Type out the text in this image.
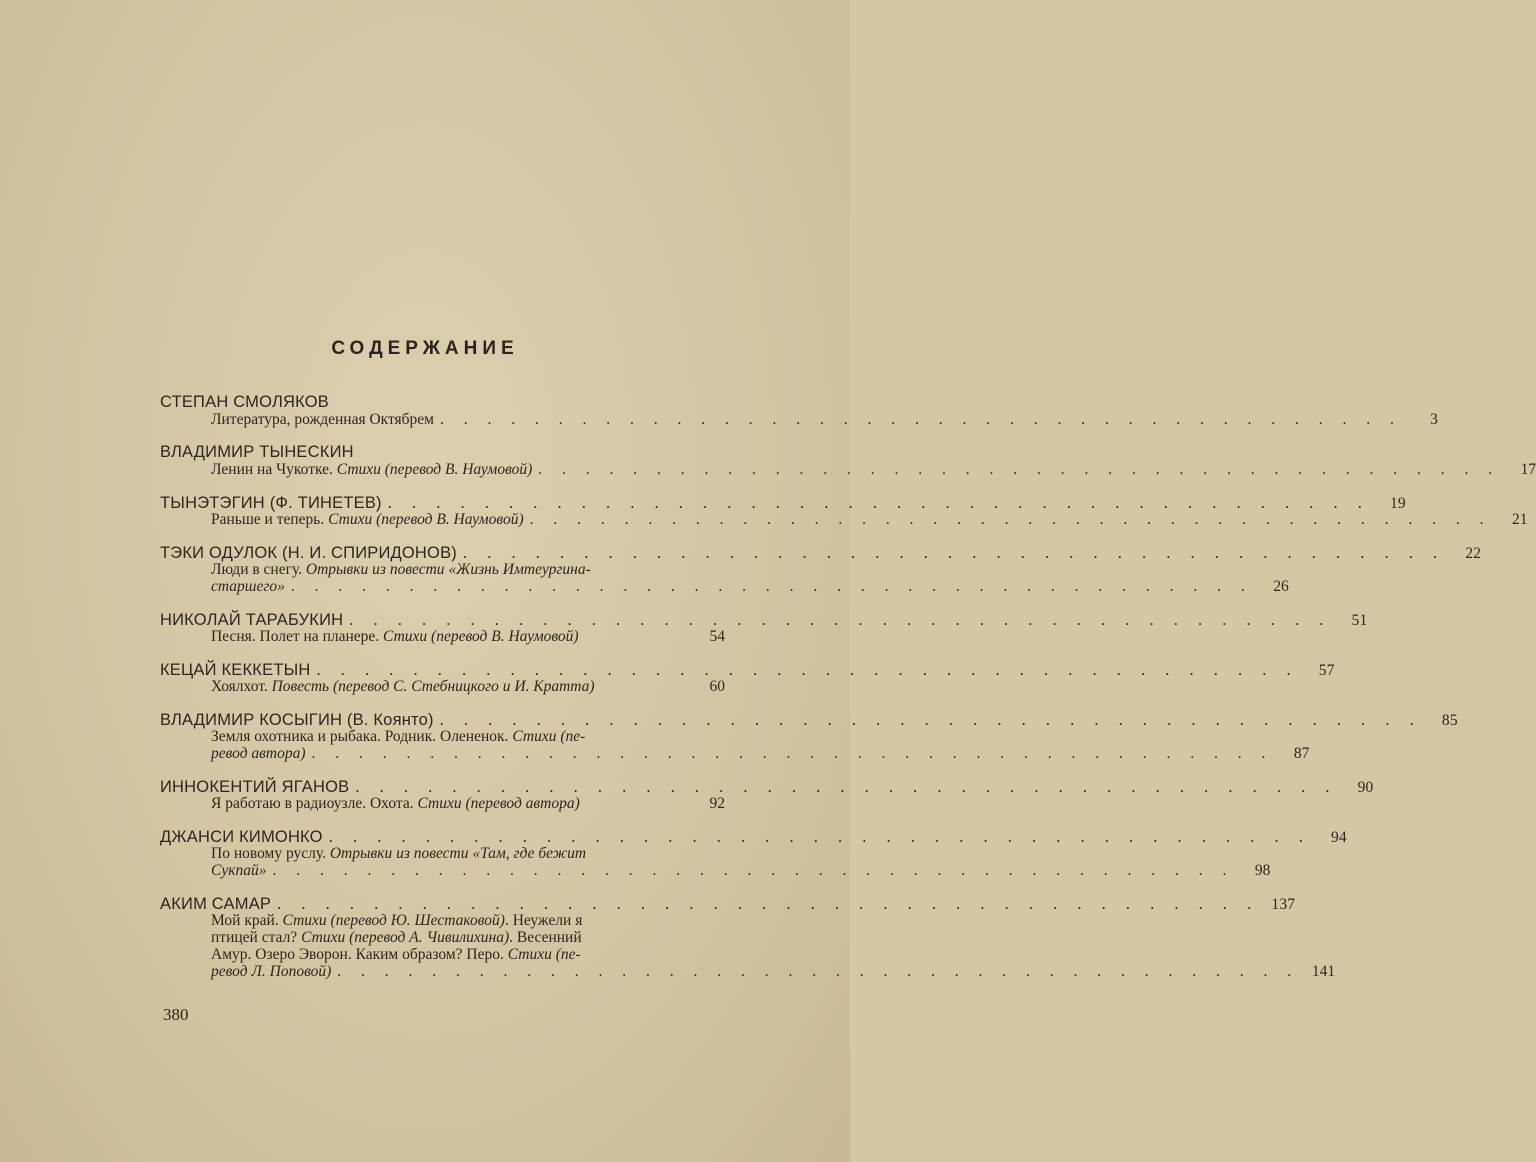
СОДЕРЖАНИЕ
СТЕПАН СМОЛЯКОВ
Литература, рожденная Октябрем . . . . . . . . . . . . . . . . . . . . . . . . . . . . . . . . . . . . . . . . .	3
ВЛАДИМИР ТЫНЕСКИН
Ленин на Чукотке. Стихи (перевод В. Наумовой) . . . . . . . . . . . . . . . . . . . . . . . . . . . . . . . . . . . . . . . . .	17
ТЫНЭТЭГИН (Ф. ТИНЕТЕВ) . . . . . . . . . . . . . . . . . . . . . . . . . . . . . . . . . . . . . . . . .	19
Раньше и теперь. Стихи (перевод В. Наумовой) . . . . . . . . . . . . . . . . . . . . . . . . . . . . . . . . . . . . . . . . .	21
ТЭКИ ОДУЛОК (Н. И. СПИРИДОНОВ) . . . . . . . . . . . . . . . . . . . . . . . . . . . . . . . . . . . . . . . . .	22
Люди в снегу. Отрывки из повести «Жизнь Имтеургина-
старшего» . . . . . . . . . . . . . . . . . . . . . . . . . . . . . . . . . . . . . . . . .	26
НИКОЛАЙ ТАРАБУКИН . . . . . . . . . . . . . . . . . . . . . . . . . . . . . . . . . . . . . . . . .	51
Песня. Полет на планере. Стихи (перевод В. Наумовой)	54
КЕЦАЙ КЕККЕТЫН . . . . . . . . . . . . . . . . . . . . . . . . . . . . . . . . . . . . . . . . .	57
Хоялхот. Повесть (перевод С. Стебницкого и И. Кратта)	60
ВЛАДИМИР КОСЫГИН (В. Коянто) . . . . . . . . . . . . . . . . . . . . . . . . . . . . . . . . . . . . . . . . .	85
Земля охотника и рыбака. Родник. Олененок. Стихи (пе-
ревод автора) . . . . . . . . . . . . . . . . . . . . . . . . . . . . . . . . . . . . . . . . .	87
ИННОКЕНТИЙ ЯГАНОВ . . . . . . . . . . . . . . . . . . . . . . . . . . . . . . . . . . . . . . . . .	90
Я работаю в радиоузле. Охота. Стихи (перевод автора)	92
ДЖАНСИ КИМОНКО . . . . . . . . . . . . . . . . . . . . . . . . . . . . . . . . . . . . . . . . .	94
По новому руслу. Отрывки из повести «Там, где бежит
Сукпай» . . . . . . . . . . . . . . . . . . . . . . . . . . . . . . . . . . . . . . . . .	98
АКИМ САМАР . . . . . . . . . . . . . . . . . . . . . . . . . . . . . . . . . . . . . . . . . 137
Мой край. Стихи (перевод Ю. Шестаковой). Неужели я
птицей стал? Стихи (перевод А. Чивилихина). Весенний
Амур. Озеро Эворон. Каким образом? Перо. Стихи (пе-
ревод Л. Поповой) . . . . . . . . . . . . . . . . . . . . . . . . . . . . . . . . . . . . . . . . . 141
380
